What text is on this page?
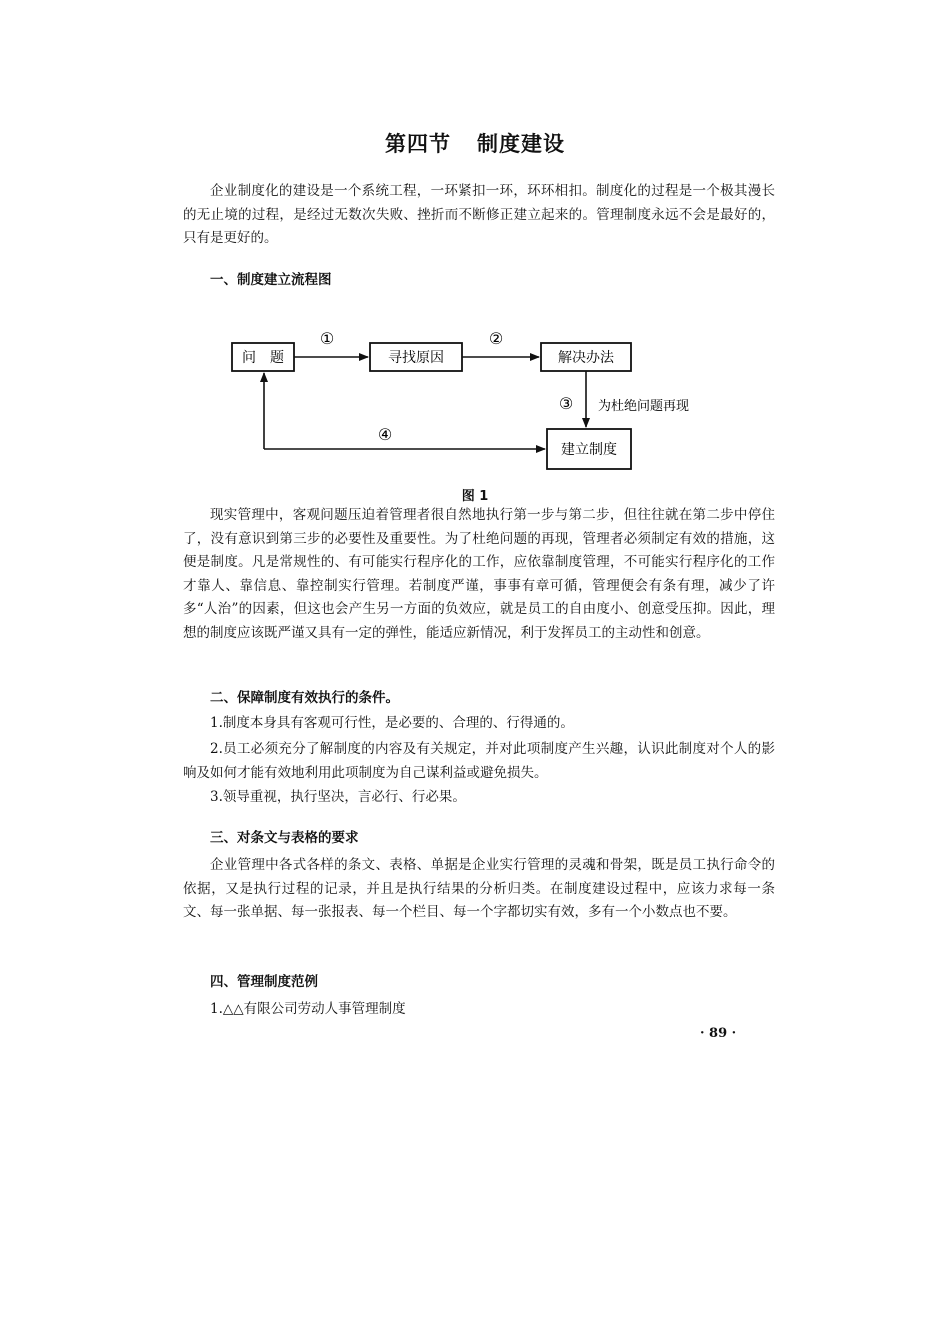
第四节 制度建设

企业制度化的建设是一个系统工程，一环紧扣一环，环环相扣。制度化的过程是一个极其漫长的无止境的过程，是经过无数次失败、挫折而不断修正建立起来的。管理制度永远不会是最好的，只有是更好的。

一、制度建立流程图
问　题	寻找原因	解决办法
建立制度
①	②
③
④
为杜绝问题再现
图 1

现实管理中，客观问题压迫着管理者很自然地执行第一步与第二步，但往往就在第二步中停住了，没有意识到第三步的必要性及重要性。为了杜绝问题的再现，管理者必须制定有效的措施，这便是制度。凡是常规性的、有可能实行程序化的工作，应依靠制度管理，不可能实行程序化的工作才靠人、靠信息、靠控制实行管理。若制度严谨，事事有章可循，管理便会有条有理，减少了许多“人治”的因素，但这也会产生另一方面的负效应，就是员工的自由度小、创意受压抑。因此，理想的制度应该既严谨又具有一定的弹性，能适应新情况，利于发挥员工的主动性和创意。

二、保障制度有效执行的条件。

1.制度本身具有客观可行性，是必要的、合理的、行得通的。

2.员工必须充分了解制度的内容及有关规定，并对此项制度产生兴趣，认识此制度对个人的影响及如何才能有效地利用此项制度为自己谋利益或避免损失。

3.领导重视，执行坚决，言必行、行必果。

三、对条文与表格的要求

企业管理中各式各样的条文、表格、单据是企业实行管理的灵魂和骨架，既是员工执行命令的依据，又是执行过程的记录，并且是执行结果的分析归类。在制度建设过程中，应该力求每一条文、每一张单据、每一张报表、每一个栏目、每一个字都切实有效，多有一个小数点也不要。

四、管理制度范例

1.△△有限公司劳动人事管理制度

· 89 ·
